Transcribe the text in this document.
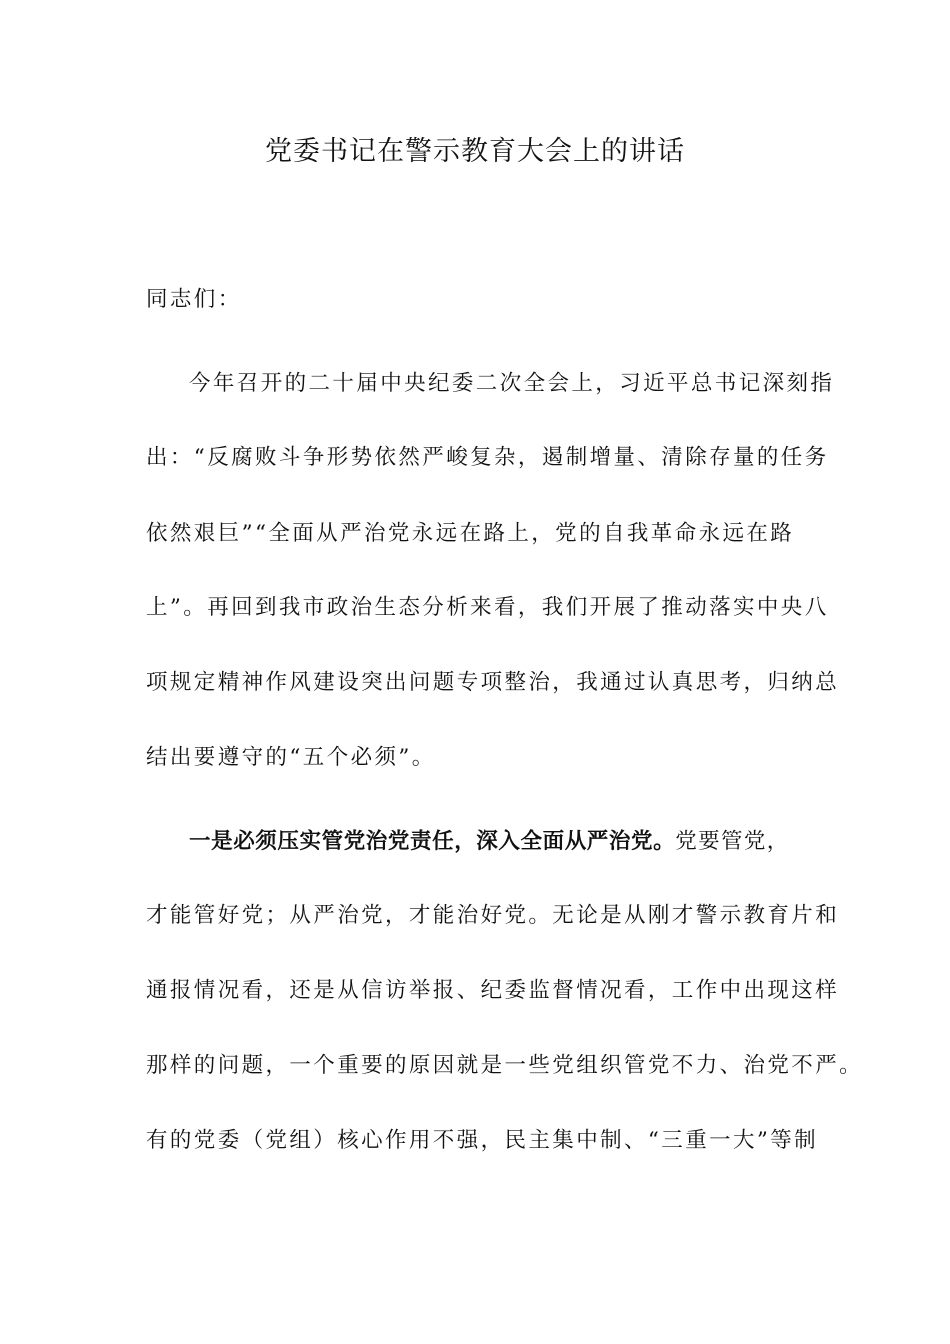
党委书记在警示教育大会上的讲话
同志们：
今年召开的二十届中央纪委二次全会上，习近平总书记深刻指
出：“反腐败斗争形势依然严峻复杂，遏制增量、清除存量的任务
依然艰巨”“全面从严治党永远在路上，党的自我革命永远在路
上”。再回到我市政治生态分析来看，我们开展了推动落实中央八
项规定精神作风建设突出问题专项整治，我通过认真思考，归纳总
结出要遵守的“五个必须”。
一是必须压实管党治党责任，深入全面从严治党。党要管党，
才能管好党；从严治党，才能治好党。无论是从刚才警示教育片和
通报情况看，还是从信访举报、纪委监督情况看，工作中出现这样
那样的问题，一个重要的原因就是一些党组织管党不力、治党不严。
有的党委（党组）核心作用不强，民主集中制、“三重一大”等制
